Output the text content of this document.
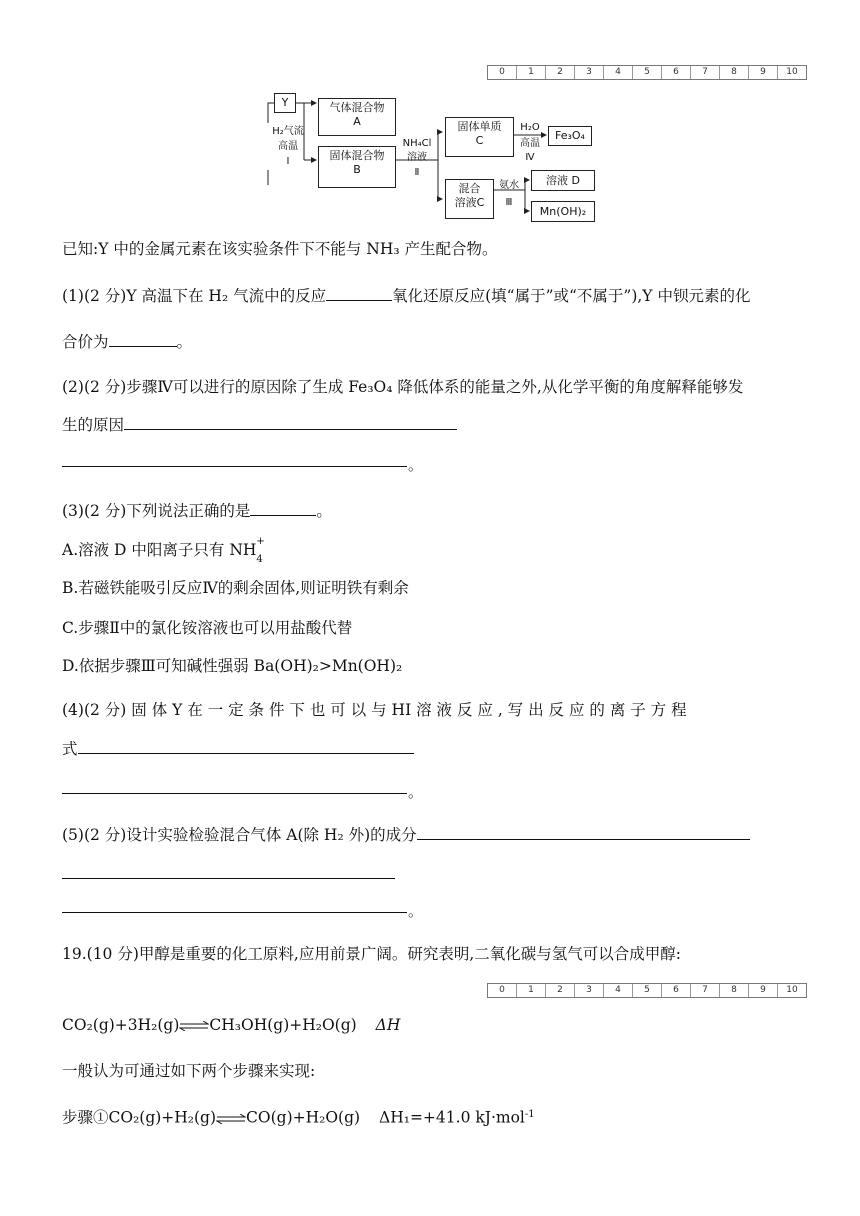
0	1	2	3	4	5	6	7	8	9	10
Y
H₂气流
高温
Ⅰ
气体混合物
A
固体混合物
B
NH₄Cl
溶液
Ⅱ
固体单质
C
H₂O
高温
Ⅳ
Fe₃O₄
混合
溶液C
氨水
Ⅲ
溶液 D
Mn(OH)₂
已知:Y 中的金属元素在该实验条件下不能与 NH₃ 产生配合物。
(1)(2 分)Y 高温下在 H₂ 气流中的反应	氧化还原反应(填“属于”或“不属于”),Y 中钡元素的化
合价为	。
(2)(2 分)步骤Ⅳ可以进行的原因除了生成 Fe₃O₄ 降低体系的能量之外,从化学平衡的角度解释能够发
生的原因
。
(3)(2 分)下列说法正确的是	。
A.溶液 D 中阳离子只有 NH +
$_4$
B.若磁铁能吸引反应Ⅳ的剩余固体,则证明铁有剩余
C.步骤Ⅱ中的氯化铵溶液也可以用盐酸代替
D.依据步骤Ⅲ可知碱性强弱 Ba(OH)₂>Mn(OH)₂
(4)(2 分) 固 体 Y 在 一 定 条 件 下 也 可 以 与 HI 溶 液 反 应 , 写 出 反 应 的 离 子 方 程
式
。
(5)(2 分)设计实验检验混合气体 A(除 H₂ 外)的成分
。
19.(10 分)甲醇是重要的化工原料,应用前景广阔。研究表明,二氧化碳与氢气可以合成甲醇:
0	1	2	3	4	5	6	7	8	9	10
CO₂(g)+3H₂(g)⇌CH₃OH(g)+H₂O(g) ΔH
一般认为可通过如下两个步骤来实现:
步骤①CO₂(g)+H₂(g)⇌CO(g)+H₂O(g) ΔH₁=+41.0 kJ·mol$^{-1}$
